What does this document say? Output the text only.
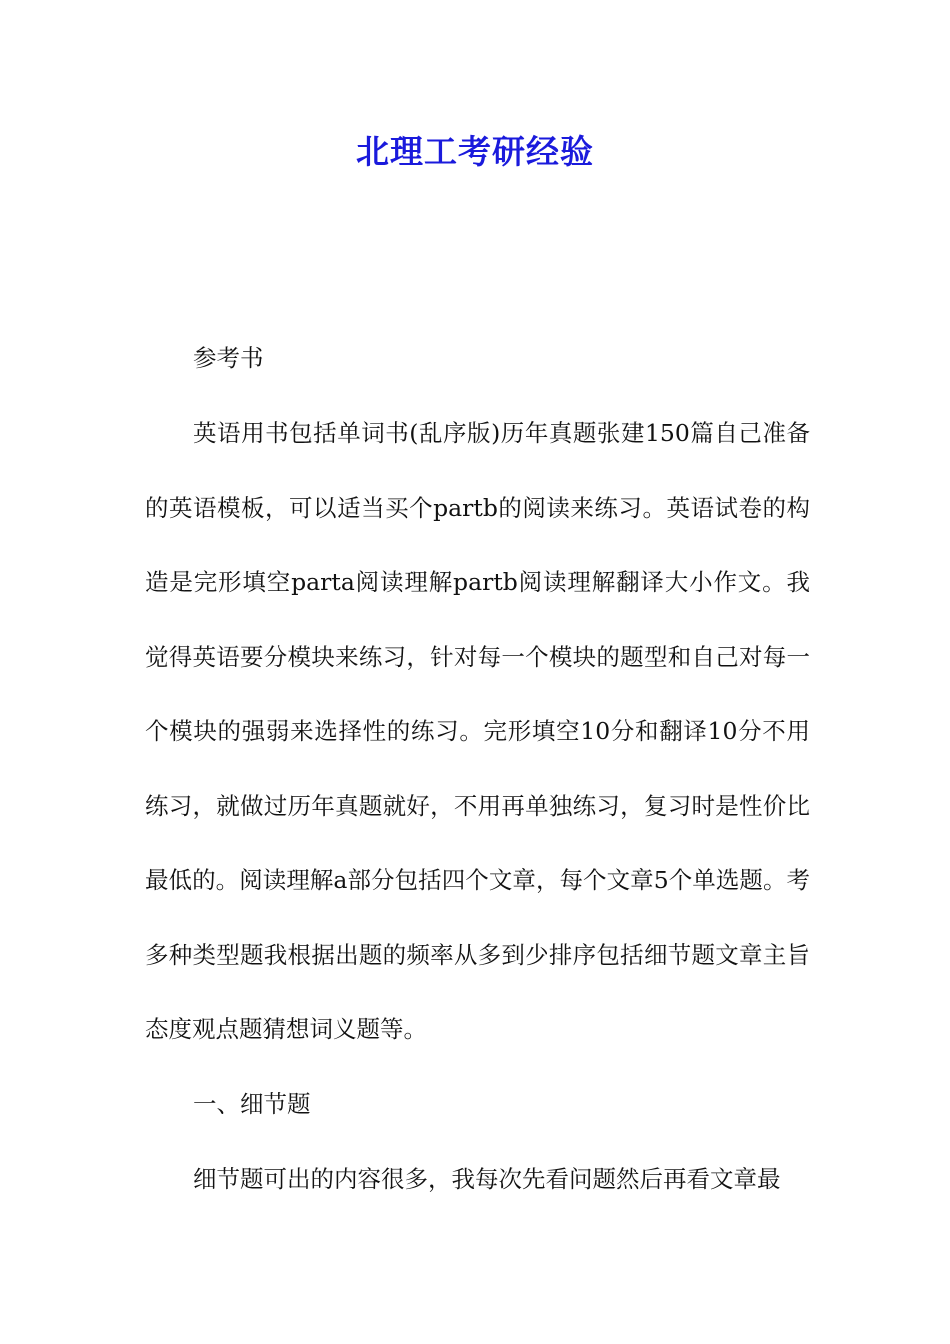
北理工考研经验

参考书

英语用书包括单词书(乱序版)历年真题张建150篇自己准备的英语模板，可以适当买个partb的阅读来练习。英语试卷的构造是完形填空parta阅读理解partb阅读理解翻译大小作文。我觉得英语要分模块来练习，针对每一个模块的题型和自己对每一个模块的强弱来选择性的练习。完形填空10分和翻译10分不用练习，就做过历年真题就好，不用再单独练习，复习时是性价比最低的。阅读理解a部分包括四个文章，每个文章5个单选题。考多种类型题我根据出题的频率从多到少排序包括细节题文章主旨态度观点题猜想词义题等。

一、细节题

细节题可出的内容很多，我每次先看问题然后再看文章最
